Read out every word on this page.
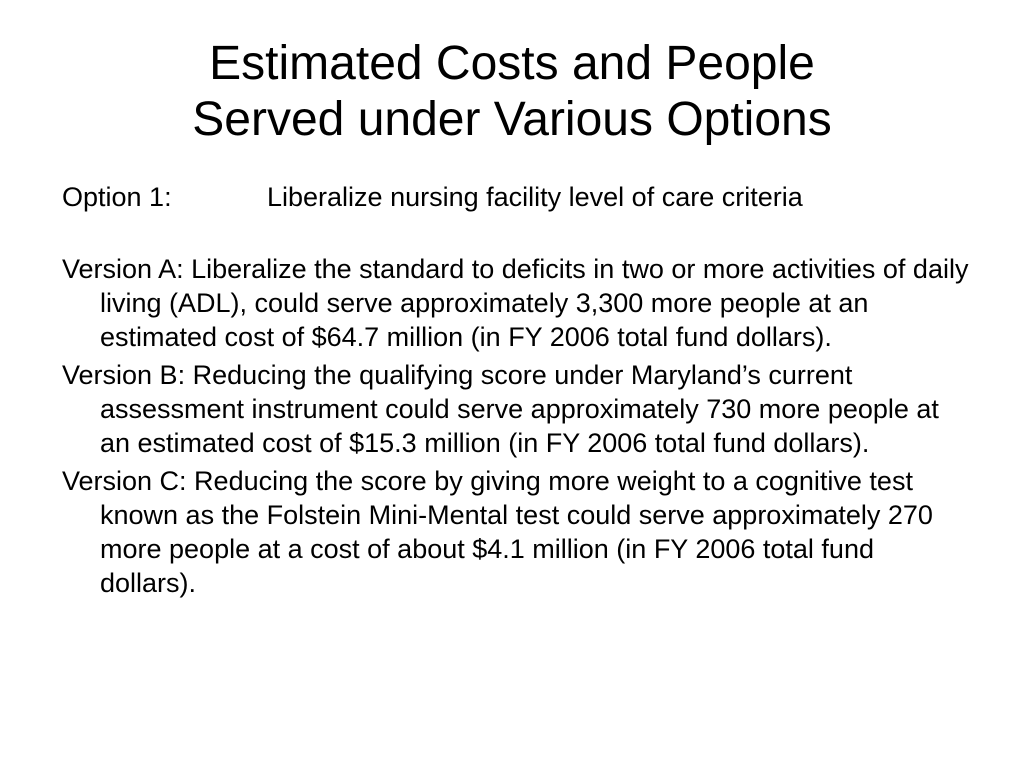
Estimated Costs and People
Served under Various Options
Option 1:	Liberalize nursing facility level of care criteria

Version A: Liberalize the standard to deficits in two or more activities of daily living (ADL), could serve approximately 3,300 more people at an estimated cost of $64.7 million (in FY 2006 total fund dollars).

Version B: Reducing the qualifying score under Maryland’s current assessment instrument could serve approximately 730 more people at an estimated cost of $15.3 million (in FY 2006 total fund dollars).

Version C: Reducing the score by giving more weight to a cognitive test known as the Folstein Mini-Mental test could serve approximately 270 more people at a cost of about $4.1 million (in FY 2006 total fund dollars).
